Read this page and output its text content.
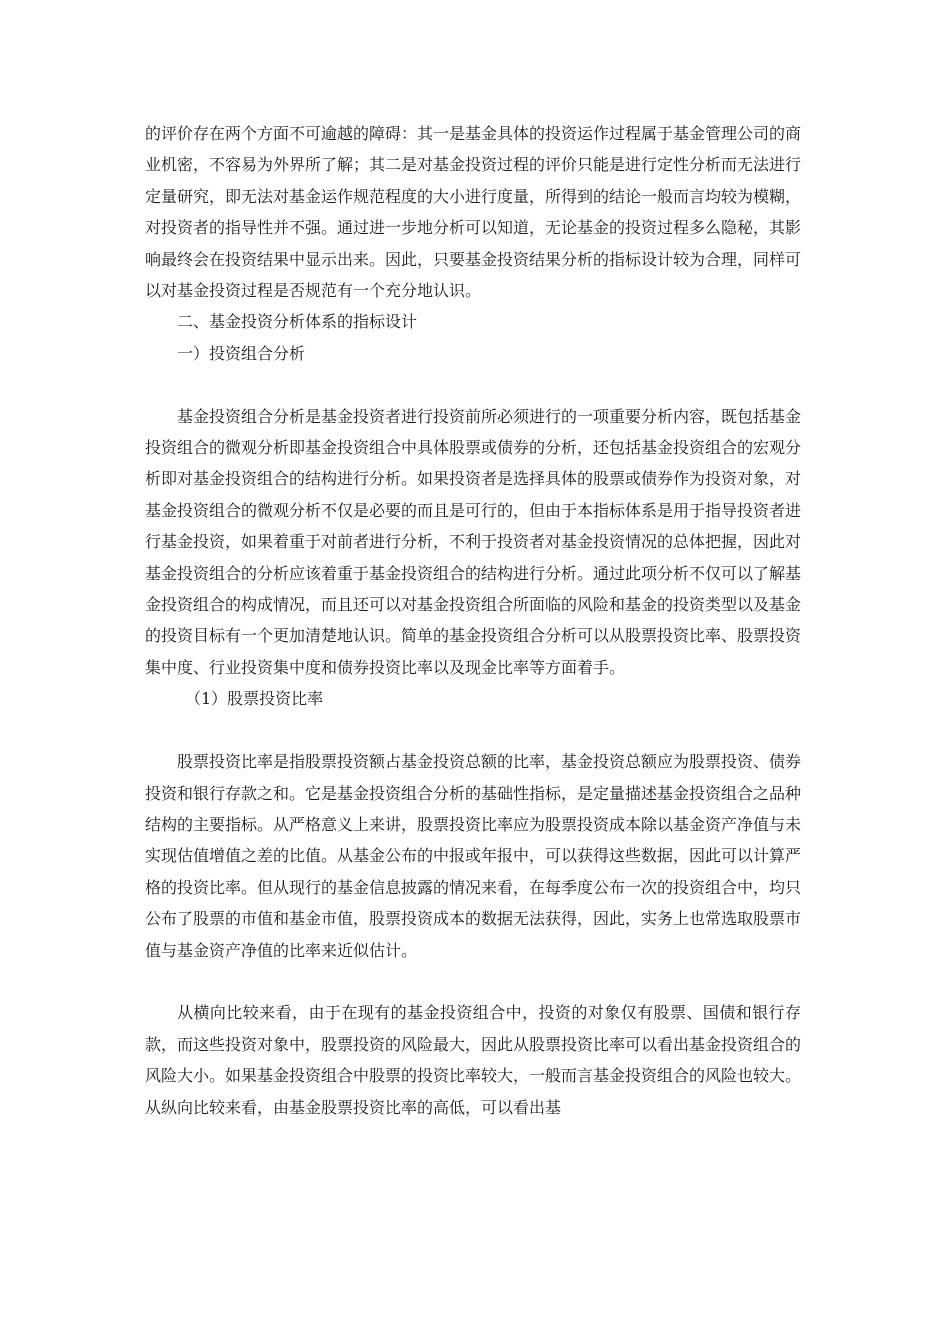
的评价存在两个方面不可逾越的障碍：其一是基金具体的投资运作过程属于基金管理公司的商业机密，不容易为外界所了解；其二是对基金投资过程的评价只能是进行定性分析而无法进行定量研究，即无法对基金运作规范程度的大小进行度量，所得到的结论一般而言均较为模糊，对投资者的指导性并不强。通过进一步地分析可以知道，无论基金的投资过程多么隐秘，其影响最终会在投资结果中显示出来。因此，只要基金投资结果分析的指标设计较为合理，同样可以对基金投资过程是否规范有一个充分地认识。

二、基金投资分析体系的指标设计

一）投资组合分析

基金投资组合分析是基金投资者进行投资前所必须进行的一项重要分析内容，既包括基金投资组合的微观分析即基金投资组合中具体股票或债券的分析，还包括基金投资组合的宏观分析即对基金投资组合的结构进行分析。如果投资者是选择具体的股票或债券作为投资对象，对基金投资组合的微观分析不仅是必要的而且是可行的，但由于本指标体系是用于指导投资者进行基金投资，如果着重于对前者进行分析，不利于投资者对基金投资情况的总体把握，因此对基金投资组合的分析应该着重于基金投资组合的结构进行分析。通过此项分析不仅可以了解基金投资组合的构成情况，而且还可以对基金投资组合所面临的风险和基金的投资类型以及基金的投资目标有一个更加清楚地认识。简单的基金投资组合分析可以从股票投资比率、股票投资集中度、行业投资集中度和债券投资比率以及现金比率等方面着手。

（1）股票投资比率

股票投资比率是指股票投资额占基金投资总额的比率，基金投资总额应为股票投资、债券投资和银行存款之和。它是基金投资组合分析的基础性指标，是定量描述基金投资组合之品种结构的主要指标。从严格意义上来讲，股票投资比率应为股票投资成本除以基金资产净值与未实现估值增值之差的比值。从基金公布的中报或年报中，可以获得这些数据，因此可以计算严格的投资比率。但从现行的基金信息披露的情况来看，在每季度公布一次的投资组合中，均只公布了股票的市值和基金市值，股票投资成本的数据无法获得，因此，实务上也常选取股票市值与基金资产净值的比率来近似估计。

从横向比较来看，由于在现有的基金投资组合中，投资的对象仅有股票、国债和银行存款，而这些投资对象中，股票投资的风险最大，因此从股票投资比率可以看出基金投资组合的风险大小。如果基金投资组合中股票的投资比率较大，一般而言基金投资组合的风险也较大。从纵向比较来看，由基金股票投资比率的高低，可以看出基
